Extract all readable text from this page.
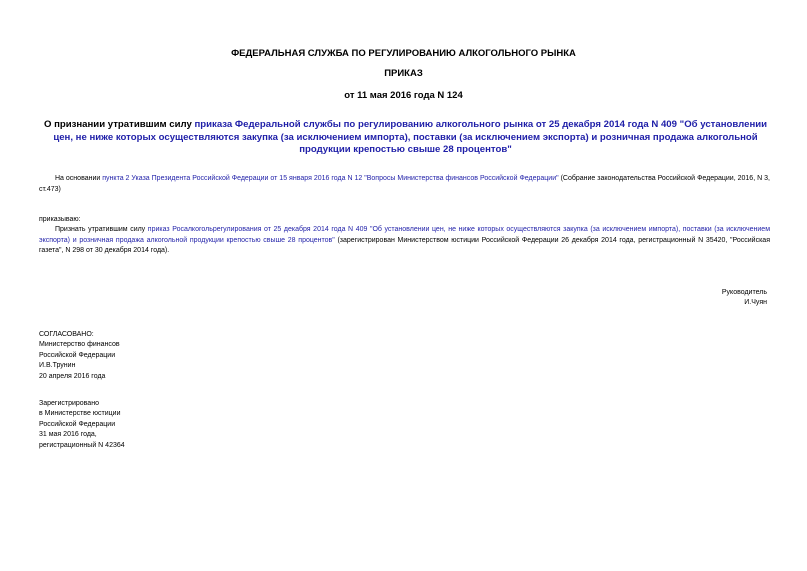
ФЕДЕРАЛЬНАЯ СЛУЖБА ПО РЕГУЛИРОВАНИЮ АЛКОГОЛЬНОГО РЫНКА
ПРИКАЗ
от 11 мая 2016 года N 124
О признании утратившим силу приказа Федеральной службы по регулированию алкогольного рынка от 25 декабря 2014 года N 409 "Об установлении цен, не ниже которых осуществляются закупка (за исключением импорта), поставки (за исключением экспорта) и розничная продажа алкогольной продукции крепостью свыше 28 процентов"
На основании пункта 2 Указа Президента Российской Федерации от 15 января 2016 года N 12 "Вопросы Министерства финансов Российской Федерации" (Собрание законодательства Российской Федерации, 2016, N 3, ст.473)
приказываю:
Признать утратившим силу приказ Росалкогольрегулирования от 25 декабря 2014 года N 409 "Об установлении цен, не ниже которых осуществляются закупка (за исключением импорта), поставки (за исключением экспорта) и розничная продажа алкогольной продукции крепостью свыше 28 процентов" (зарегистрирован Министерством юстиции Российской Федерации 26 декабря 2014 года, регистрационный N 35420, "Российская газета", N 298 от 30 декабря 2014 года).
Руководитель
И.Чуян
СОГЛАСОВАНО:
Министерство финансов
Российской Федерации
И.В.Трунин
20 апреля 2016 года
Зарегистрировано
в Министерстве юстиции
Российской Федерации
31 мая 2016 года,
регистрационный N 42364
